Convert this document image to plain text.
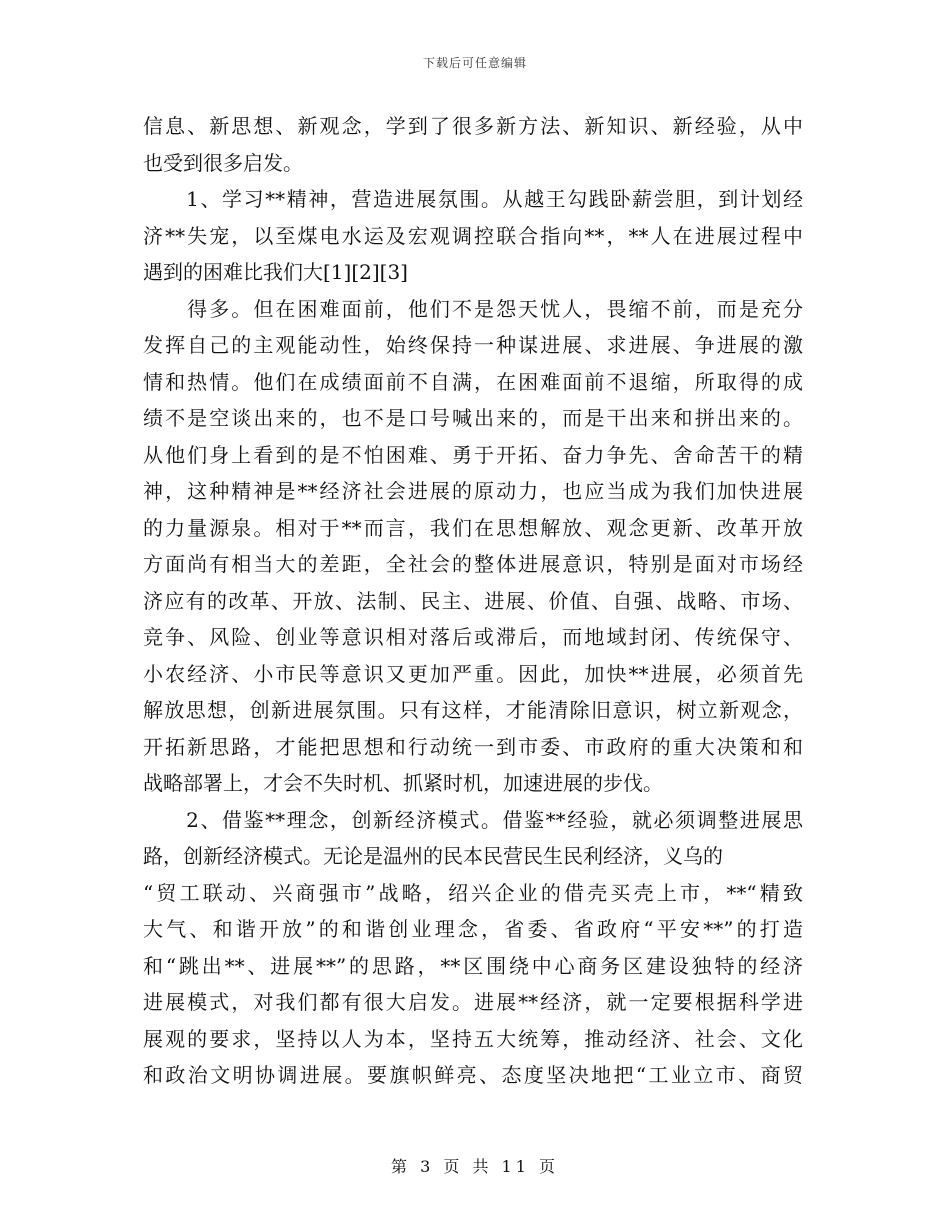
下载后可任意编辑
信息、新思想、新观念，学到了很多新方法、新知识、新经验，从中
也受到很多启发。
　　1、学习**精神，营造进展氛围。从越王勾践卧薪尝胆，到计划经
济**失宠，以至煤电水运及宏观调控联合指向**，**人在进展过程中
遇到的困难比我们大[1][2][3]
　　得多。但在困难面前，他们不是怨天忧人，畏缩不前，而是充分
发挥自己的主观能动性，始终保持一种谋进展、求进展、争进展的激
情和热情。他们在成绩面前不自满，在困难面前不退缩，所取得的成
绩不是空谈出来的，也不是口号喊出来的，而是干出来和拼出来的。
从他们身上看到的是不怕困难、勇于开拓、奋力争先、舍命苦干的精
神，这种精神是**经济社会进展的原动力，也应当成为我们加快进展
的力量源泉。相对于**而言，我们在思想解放、观念更新、改革开放
方面尚有相当大的差距，全社会的整体进展意识，特别是面对市场经
济应有的改革、开放、法制、民主、进展、价值、自强、战略、市场、
竞争、风险、创业等意识相对落后或滞后，而地域封闭、传统保守、
小农经济、小市民等意识又更加严重。因此，加快**进展，必须首先
解放思想，创新进展氛围。只有这样，才能清除旧意识，树立新观念，
开拓新思路，才能把思想和行动统一到市委、市政府的重大决策和和
战略部署上，才会不失时机、抓紧时机，加速进展的步伐。
　　2、借鉴**理念，创新经济模式。借鉴**经验，就必须调整进展思
路，创新经济模式。无论是温州的民本民营民生民利经济，义乌的
“贸工联动、兴商强市”战略，绍兴企业的借壳买壳上市，**“精致
大气、和谐开放”的和谐创业理念，省委、省政府“平安**”的打造
和“跳出**、进展**”的思路，**区围绕中心商务区建设独特的经济
进展模式，对我们都有很大启发。进展**经济，就一定要根据科学进
展观的要求，坚持以人为本，坚持五大统筹，推动经济、社会、文化
和政治文明协调进展。要旗帜鲜亮、态度坚决地把“工业立市、商贸
第 3 页 共 11 页
